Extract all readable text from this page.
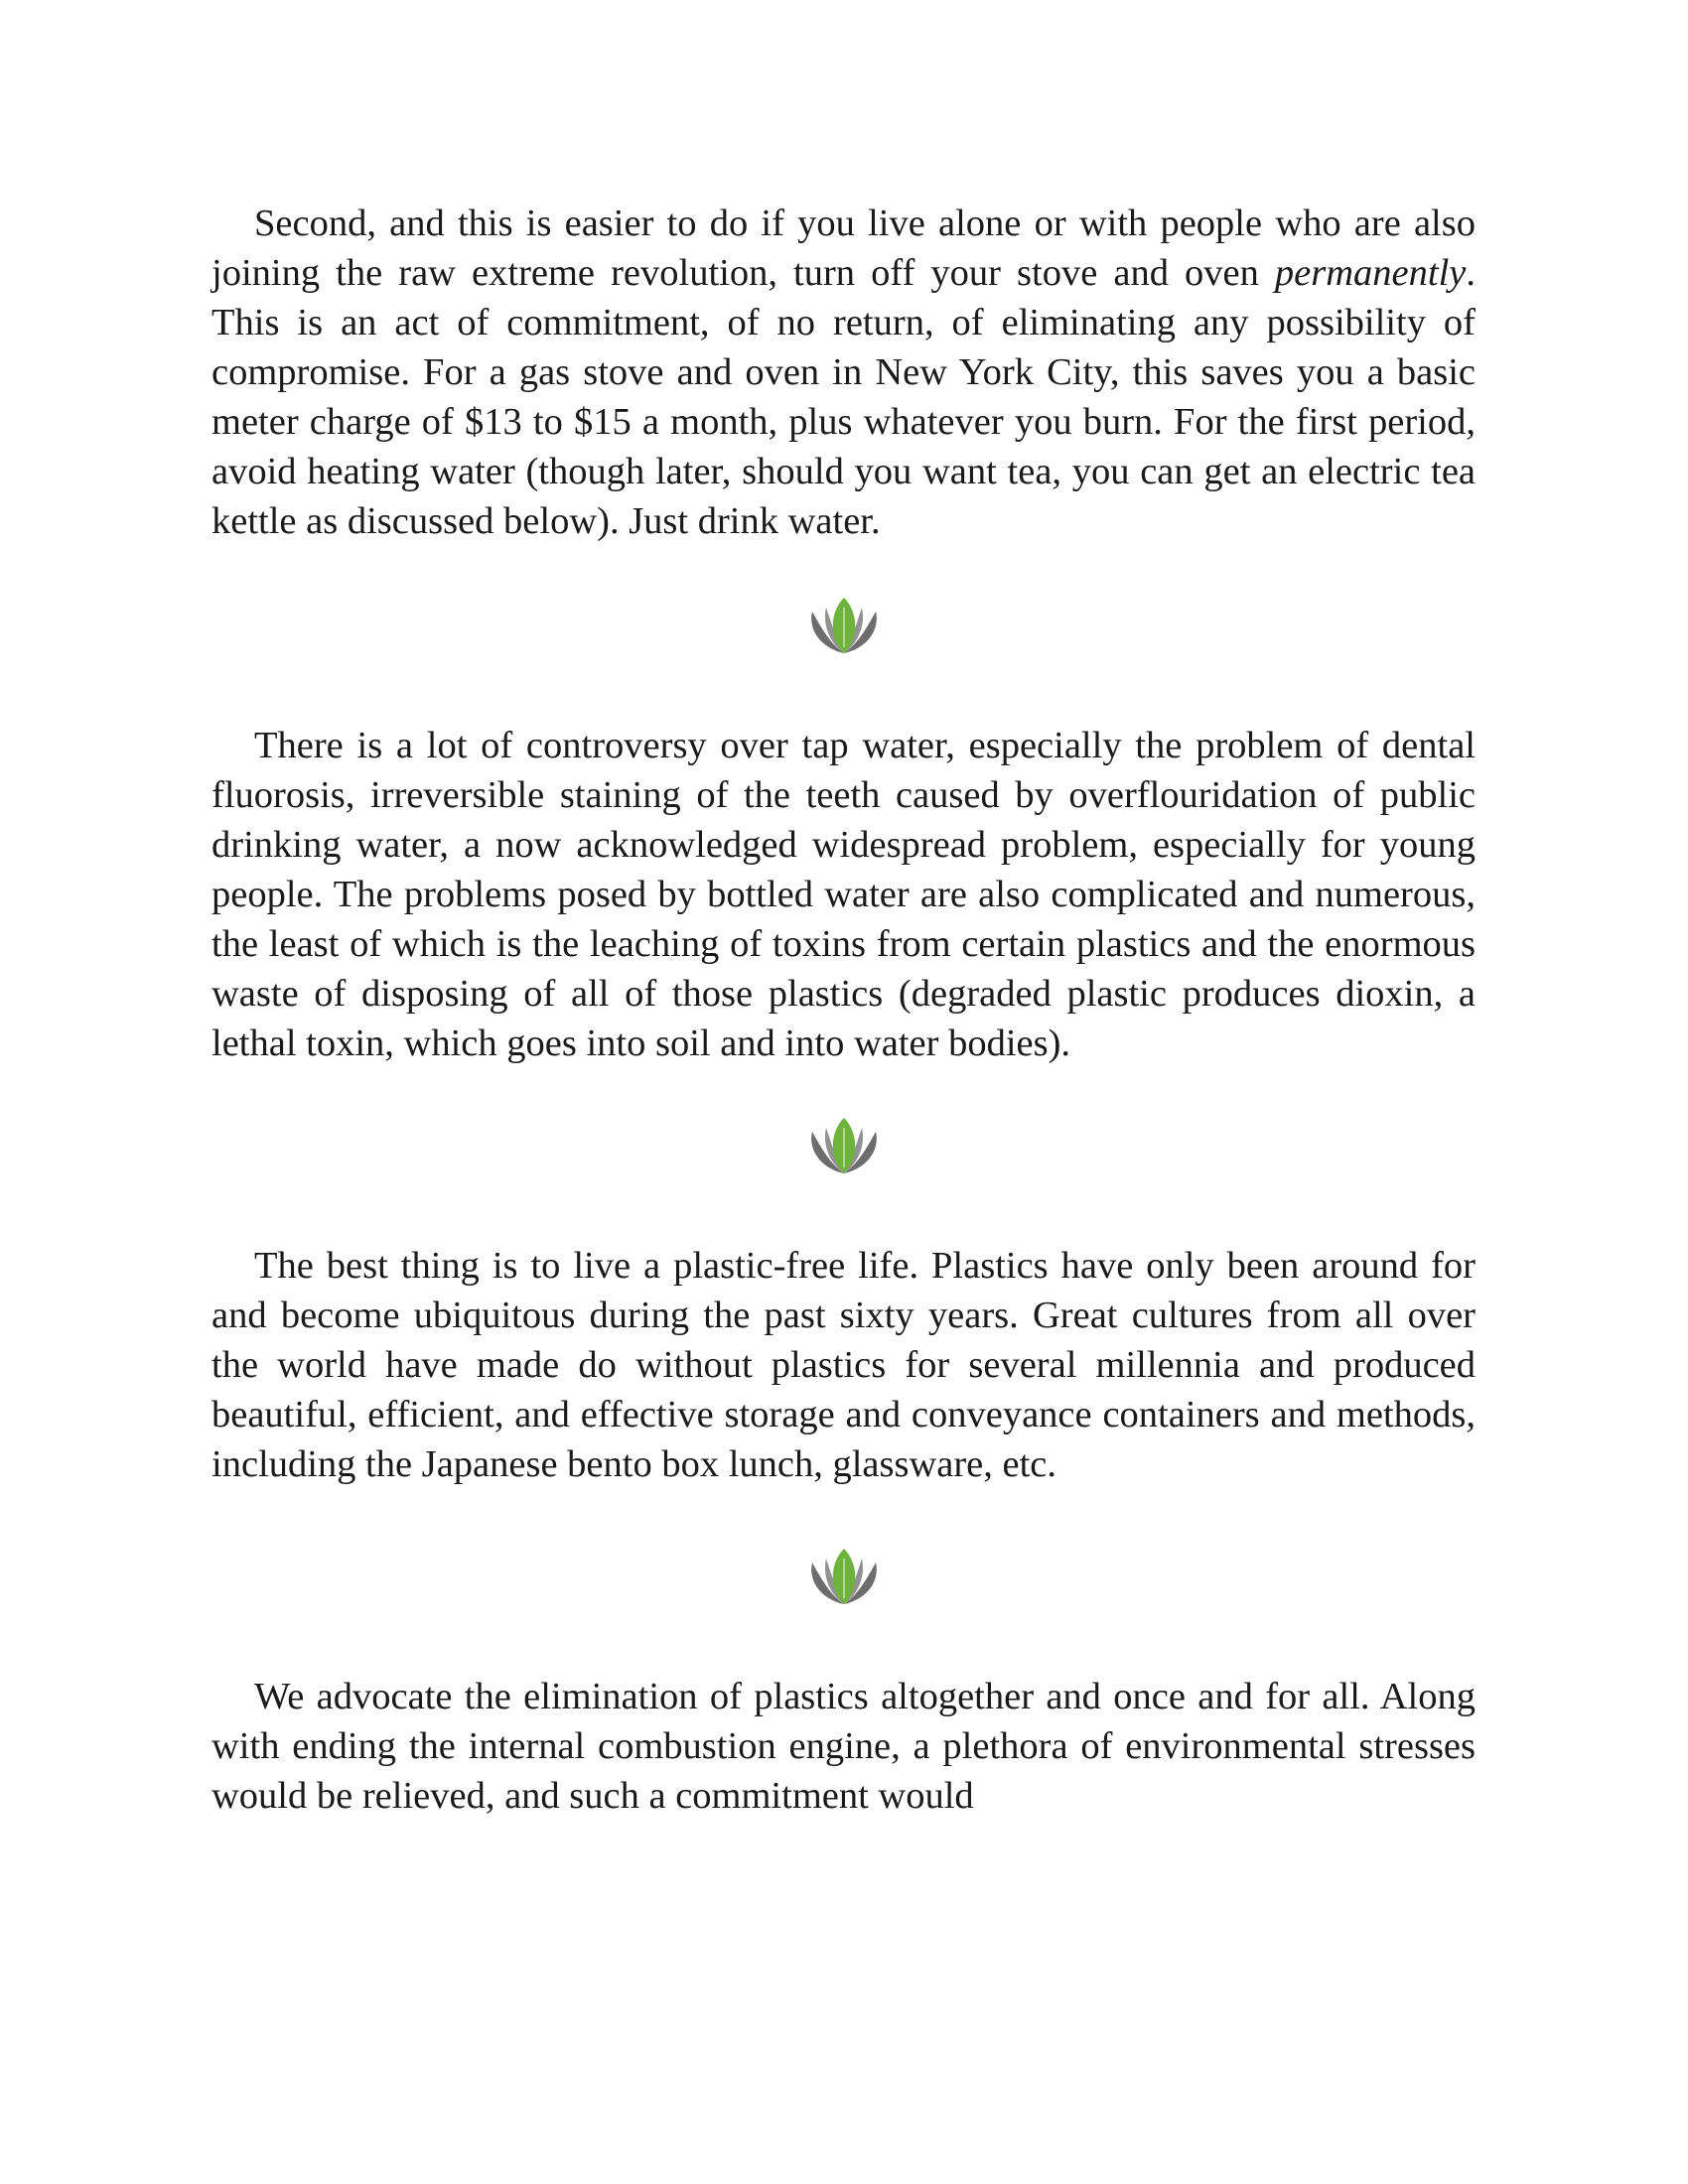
Second, and this is easier to do if you live alone or with people who are also joining the raw extreme revolution, turn off your stove and oven permanently. This is an act of commitment, of no return, of eliminating any possibility of compromise. For a gas stove and oven in New York City, this saves you a basic meter charge of $13 to $15 a month, plus whatever you burn. For the first period, avoid heating water (though later, should you want tea, you can get an electric tea kettle as discussed below). Just drink water.

There is a lot of controversy over tap water, especially the problem of dental fluorosis, irreversible staining of the teeth caused by overflouridation of public drinking water, a now acknowledged widespread problem, especially for young people. The problems posed by bottled water are also complicated and numerous, the least of which is the leaching of toxins from certain plastics and the enormous waste of disposing of all of those plastics (degraded plastic produces dioxin, a lethal toxin, which goes into soil and into water bodies).

The best thing is to live a plastic-free life. Plastics have only been around for and become ubiquitous during the past sixty years. Great cultures from all over the world have made do without plastics for several millennia and produced beautiful, efficient, and effective storage and conveyance containers and methods, including the Japanese bento box lunch, glassware, etc.

We advocate the elimination of plastics altogether and once and for all. Along with ending the internal combustion engine, a plethora of environmental stresses would be relieved, and such a commitment would
